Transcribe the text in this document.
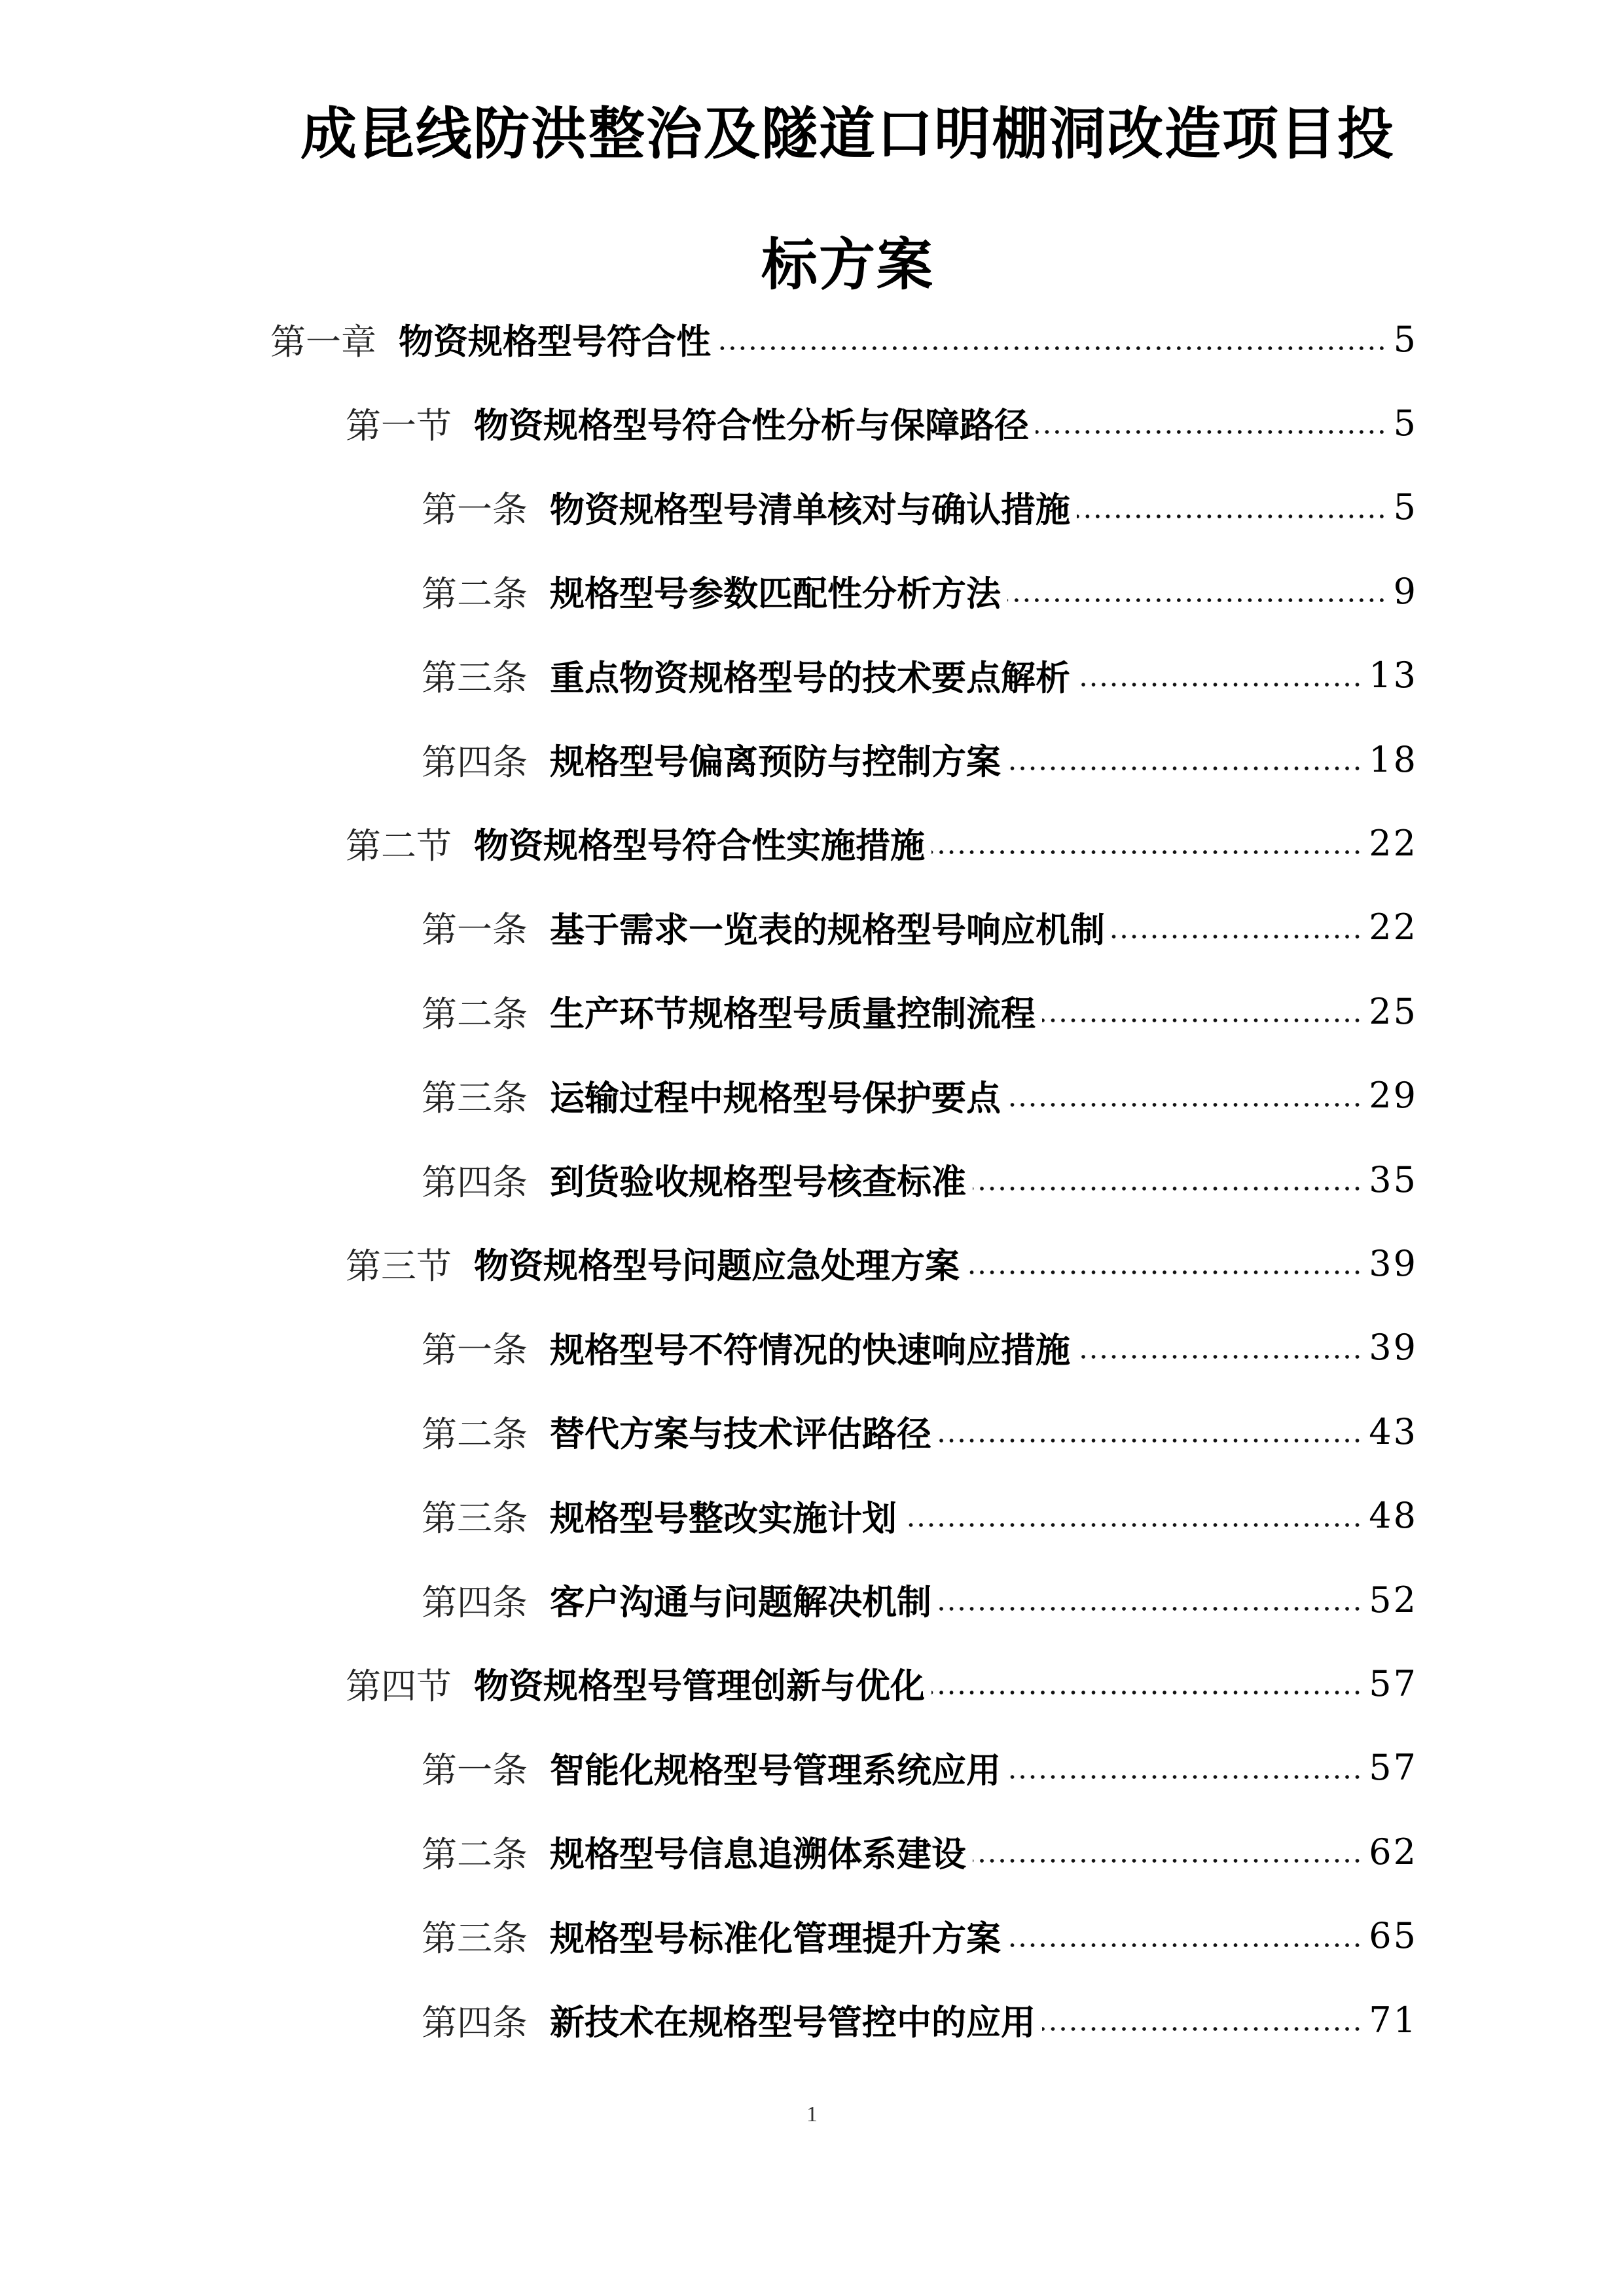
成昆线防洪整治及隧道口明棚洞改造项目投
标方案
第一章 物资规格型号符合性	5
第一节 物资规格型号符合性分析与保障路径	5
第一条 物资规格型号清单核对与确认措施	5
第二条 规格型号参数匹配性分析方法	9
第三条 重点物资规格型号的技术要点解析	13
第四条 规格型号偏离预防与控制方案	18
第二节 物资规格型号符合性实施措施	22
第一条 基于需求一览表的规格型号响应机制	22
第二条 生产环节规格型号质量控制流程	25
第三条 运输过程中规格型号保护要点	29
第四条 到货验收规格型号核查标准	35
第三节 物资规格型号问题应急处理方案	39
第一条 规格型号不符情况的快速响应措施	39
第二条 替代方案与技术评估路径	43
第三条 规格型号整改实施计划	48
第四条 客户沟通与问题解决机制	52
第四节 物资规格型号管理创新与优化	57
第一条 智能化规格型号管理系统应用	57
第二条 规格型号信息追溯体系建设	62
第三条 规格型号标准化管理提升方案	65
第四条 新技术在规格型号管控中的应用	71
1
